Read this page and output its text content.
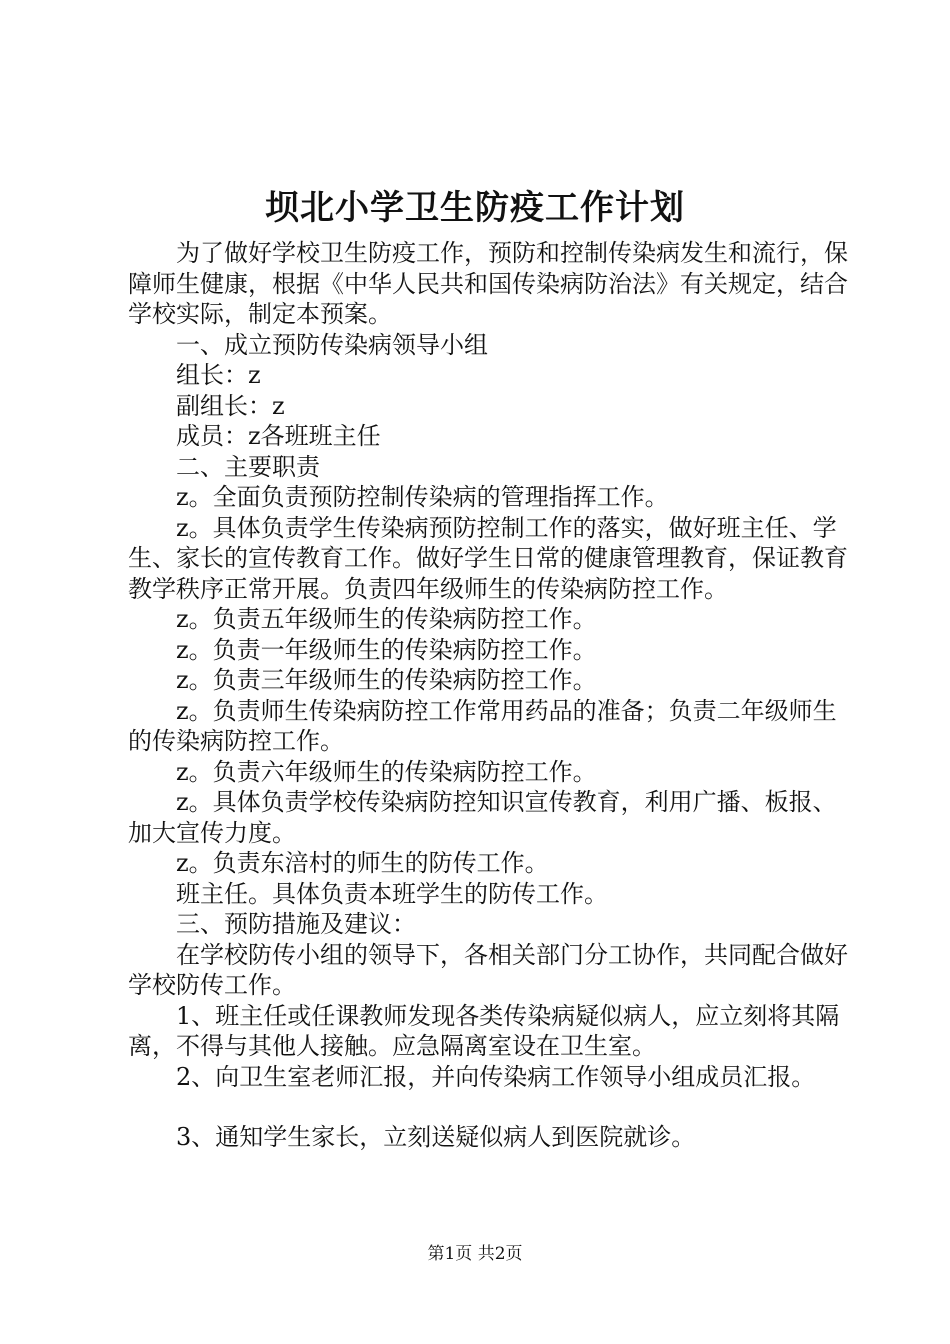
坝北小学卫生防疫工作计划

为了做好学校卫生防疫工作，预防和控制传染病发生和流行，保障师生健康，根据《中华人民共和国传染病防治法》有关规定，结合学校实际，制定本预案。

一、成立预防传染病领导小组

组长：z

副组长：z

成员：z各班班主任

二、主要职责

z。全面负责预防控制传染病的管理指挥工作。

z。具体负责学生传染病预防控制工作的落实，做好班主任、学生、家长的宣传教育工作。做好学生日常的健康管理教育，保证教育教学秩序正常开展。负责四年级师生的传染病防控工作。

z。负责五年级师生的传染病防控工作。

z。负责一年级师生的传染病防控工作。

z。负责三年级师生的传染病防控工作。

z。负责师生传染病防控工作常用药品的准备；负责二年级师生的传染病防控工作。

z。负责六年级师生的传染病防控工作。

z。具体负责学校传染病防控知识宣传教育，利用广播、板报、加大宣传力度。

z。负责东涪村的师生的防传工作。

班主任。具体负责本班学生的防传工作。

三、预防措施及建议：

在学校防传小组的领导下，各相关部门分工协作，共同配合做好学校防传工作。

1、班主任或任课教师发现各类传染病疑似病人，应立刻将其隔离，不得与其他人接触。应急隔离室设在卫生室。

2、向卫生室老师汇报，并向传染病工作领导小组成员汇报。

3、通知学生家长，立刻送疑似病人到医院就诊。

第1页 共2页
